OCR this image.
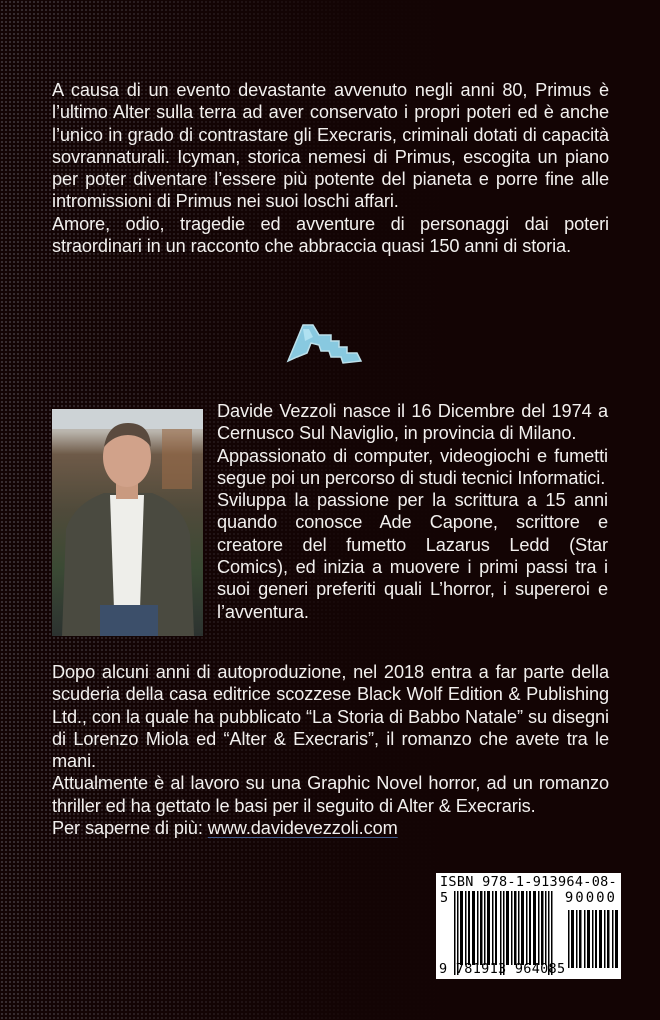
A causa di un evento devastante avvenuto negli anni 80, Primus è l’ultimo Alter sulla terra ad aver conservato i propri poteri ed è anche l’unico in grado di contrastare gli Execraris, criminali dotati di capacità sovrannaturali. Icyman, storica nemesi di Primus, escogita un piano per poter diventare l’essere più potente del pianeta e porre fine alle intromissioni di Primus nei suoi loschi affari.

Amore, odio, tragedie ed avventure di personaggi dai poteri straordinari in un racconto che abbraccia quasi 150 anni di storia.

Davide Vezzoli nasce il 16 Dicembre del 1974 a Cernusco Sul Naviglio, in provincia di Milano.

Appassionato di computer, videogiochi e fumetti segue poi un percorso di studi tecnici Informatici.

Sviluppa la passione per la scrittura a 15 anni quando conosce Ade Capone, scrittore e creatore del fumetto Lazarus Ledd (Star Comics), ed inizia a muovere i primi passi tra i suoi generi preferiti quali L’horror, i supereroi e l’avventura.

Dopo alcuni anni di autoproduzione, nel 2018 entra a far parte della scuderia della casa editrice scozzese Black Wolf Edition & Publishing Ltd., con la quale ha pubblicato “La Storia di Babbo Natale” su disegni di Lorenzo Miola ed “Alter & Execraris”, il romanzo che avete tra le mani.

Attualmente è al lavoro su una Graphic Novel horror, ad un romanzo thriller ed ha gettato le basi per il seguito di Alter & Execraris.

Per saperne di più: www.davidevezzoli.com

ISBN 978-1-913964-08-5	90000
9 781913 964085
